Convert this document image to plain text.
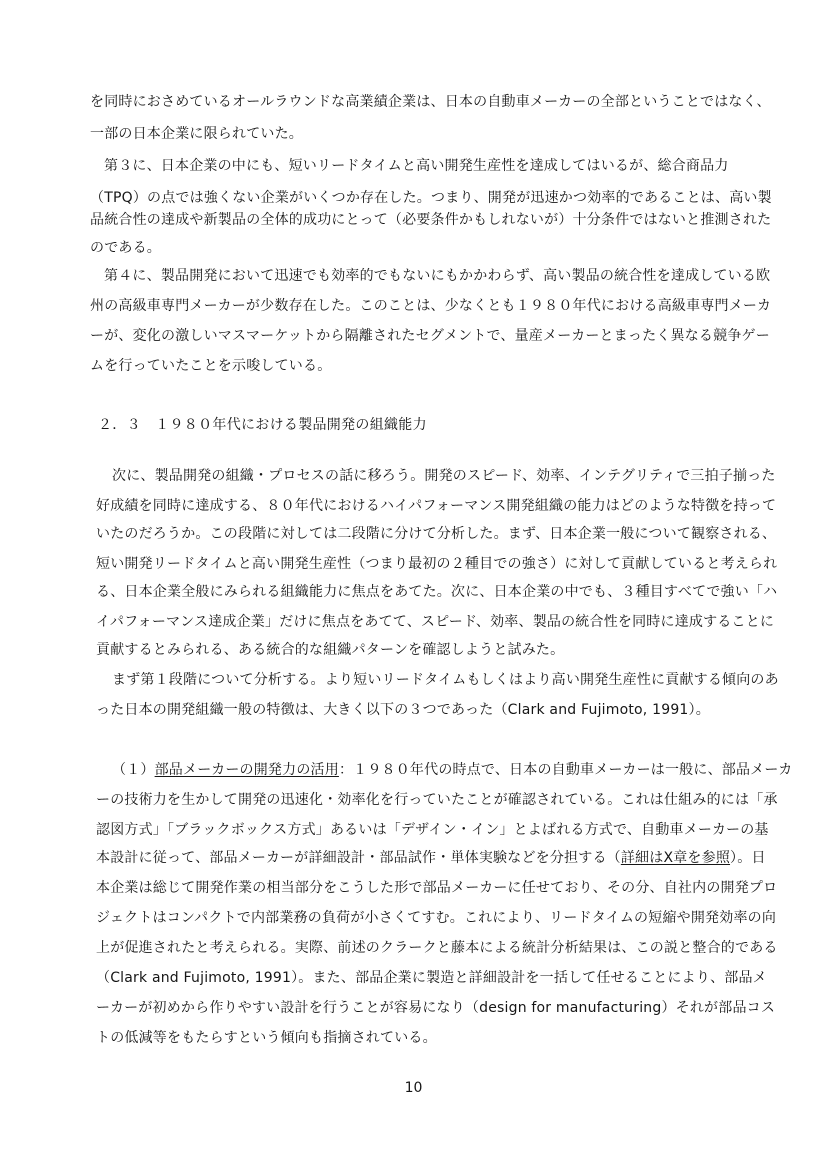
を同時におさめているオールラウンドな高業績企業は、日本の自動車メーカーの全部ということではなく、
一部の日本企業に限られていた。
第３に、日本企業の中にも、短いリードタイムと高い開発生産性を達成してはいるが、総合商品力
（TPQ）の点では強くない企業がいくつか存在した。つまり、開発が迅速かつ効率的であることは、高い製
品統合性の達成や新製品の全体的成功にとって（必要条件かもしれないが）十分条件ではないと推測された
のである。
第４に、製品開発において迅速でも効率的でもないにもかかわらず、高い製品の統合性を達成している欧
州の高級車専門メーカーが少数存在した。このことは、少なくとも１９８０年代における高級車専門メーカ
ーが、変化の激しいマスマーケットから隔離されたセグメントで、量産メーカーとまったく異なる競争ゲー
ムを行っていたことを示唆している。
２．３　１９８０年代における製品開発の組織能力
次に、製品開発の組織・プロセスの話に移ろう。開発のスピード、効率、インテグリティで三拍子揃った
好成績を同時に達成する、８０年代におけるハイパフォーマンス開発組織の能力はどのような特徴を持って
いたのだろうか。この段階に対しては二段階に分けて分析した。まず、日本企業一般について観察される、
短い開発リードタイムと高い開発生産性（つまり最初の２種目での強さ）に対して貢献していると考えられ
る、日本企業全般にみられる組織能力に焦点をあてた。次に、日本企業の中でも、３種目すべてで強い「ハ
イパフォーマンス達成企業」だけに焦点をあてて、スピード、効率、製品の統合性を同時に達成することに
貢献するとみられる、ある統合的な組織パターンを確認しようと試みた。
まず第１段階について分析する。より短いリードタイムもしくはより高い開発生産性に貢献する傾向のあ
った日本の開発組織一般の特徴は、大きく以下の３つであった（Clark and Fujimoto, 1991）。
（１）部品メーカーの開発力の活用：１９８０年代の時点で、日本の自動車メーカーは一般に、部品メーカ
ーの技術力を生かして開発の迅速化・効率化を行っていたことが確認されている。これは仕組み的には「承
認図方式」「ブラックボックス方式」あるいは「デザイン・イン」とよばれる方式で、自動車メーカーの基
本設計に従って、部品メーカーが詳細設計・部品試作・単体実験などを分担する（詳細はX章を参照）。日
本企業は総じて開発作業の相当部分をこうした形で部品メーカーに任せており、その分、自社内の開発プロ
ジェクトはコンパクトで内部業務の負荷が小さくてすむ。これにより、リードタイムの短縮や開発効率の向
上が促進されたと考えられる。実際、前述のクラークと藤本による統計分析結果は、この説と整合的である
（Clark and Fujimoto, 1991）。また、部品企業に製造と詳細設計を一括して任せることにより、部品メ
ーカーが初めから作りやすい設計を行うことが容易になり（design for manufacturing）それが部品コス
トの低減等をもたらすという傾向も指摘されている。
10
